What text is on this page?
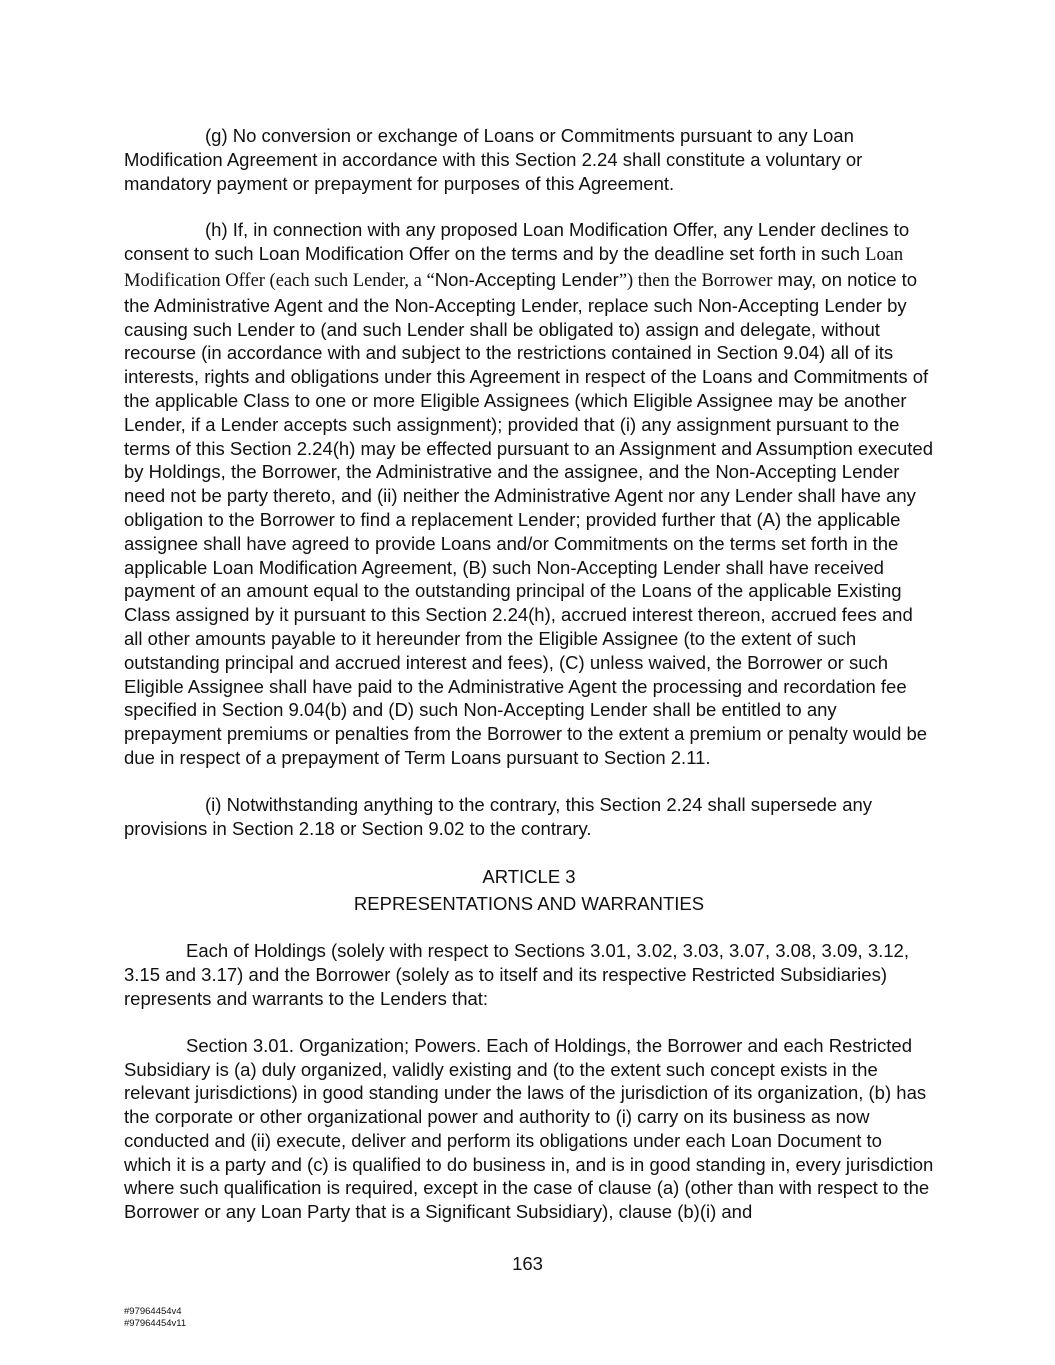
(g) No conversion or exchange of Loans or Commitments pursuant to any Loan Modification Agreement in accordance with this Section 2.24 shall constitute a voluntary or mandatory payment or prepayment for purposes of this Agreement.

(h) If, in connection with any proposed Loan Modification Offer, any Lender declines to consent to such Loan Modification Offer on the terms and by the deadline set forth in such Loan Modification Offer (each such Lender, a “Non-Accepting Lender”) then the Borrower may, on notice to the Administrative Agent and the Non-Accepting Lender, replace such Non-Accepting Lender by causing such Lender to (and such Lender shall be obligated to) assign and delegate, without recourse (in accordance with and subject to the restrictions contained in Section 9.04) all of its interests, rights and obligations under this Agreement in respect of the Loans and Commitments of the applicable Class to one or more Eligible Assignees (which Eligible Assignee may be another Lender, if a Lender accepts such assignment); provided that (i) any assignment pursuant to the terms of this Section 2.24(h) may be effected pursuant to an Assignment and Assumption executed by Holdings, the Borrower, the Administrative and the assignee, and the Non-Accepting Lender need not be party thereto, and (ii) neither the Administrative Agent nor any Lender shall have any obligation to the Borrower to find a replacement Lender; provided further that (A) the applicable assignee shall have agreed to provide Loans and/or Commitments on the terms set forth in the applicable Loan Modification Agreement, (B) such Non-Accepting Lender shall have received payment of an amount equal to the outstanding principal of the Loans of the applicable Existing Class assigned by it pursuant to this Section 2.24(h), accrued interest thereon, accrued fees and all other amounts payable to it hereunder from the Eligible Assignee (to the extent of such outstanding principal and accrued interest and fees), (C) unless waived, the Borrower or such Eligible Assignee shall have paid to the Administrative Agent the processing and recordation fee specified in Section 9.04(b) and (D) such Non-Accepting Lender shall be entitled to any prepayment premiums or penalties from the Borrower to the extent a premium or penalty would be due in respect of a prepayment of Term Loans pursuant to Section 2.11.

(i) Notwithstanding anything to the contrary, this Section 2.24 shall supersede any provisions in Section 2.18 or Section 9.02 to the contrary.

ARTICLE 3
REPRESENTATIONS AND WARRANTIES

Each of Holdings (solely with respect to Sections 3.01, 3.02, 3.03, 3.07, 3.08, 3.09, 3.12, 3.15 and 3.17) and the Borrower (solely as to itself and its respective Restricted Subsidiaries) represents and warrants to the Lenders that:

Section 3.01. Organization; Powers. Each of Holdings, the Borrower and each Restricted Subsidiary is (a) duly organized, validly existing and (to the extent such concept exists in the relevant jurisdictions) in good standing under the laws of the jurisdiction of its organization, (b) has the corporate or other organizational power and authority to (i) carry on its business as now conducted and (ii) execute, deliver and perform its obligations under each Loan Document to which it is a party and (c) is qualified to do business in, and is in good standing in, every jurisdiction where such qualification is required, except in the case of clause (a) (other than with respect to the Borrower or any Loan Party that is a Significant Subsidiary), clause (b)(i) and

163
#97964454v4
#97964454v11
